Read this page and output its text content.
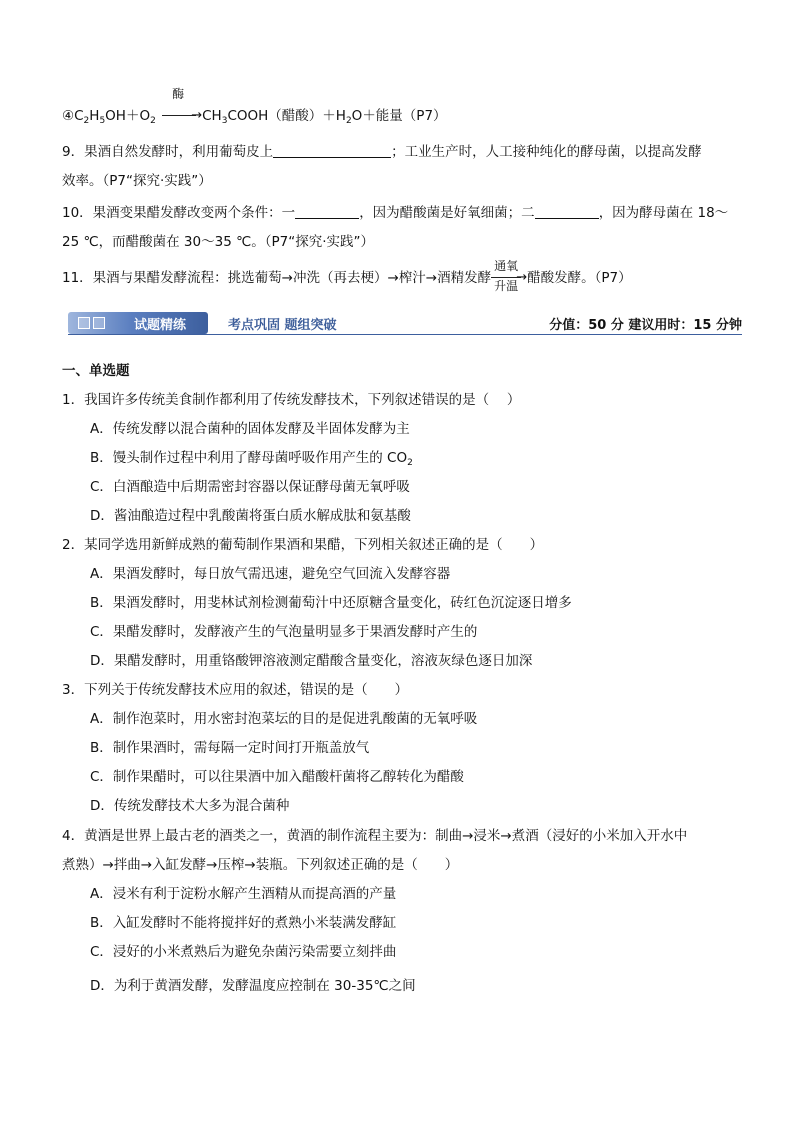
$④C_2H_5OH+O_2$
酶
→ $CH_3COOH$（醋酸）$+H_2O+$能量（P7）
9．果酒自然发酵时，利用葡萄皮上	；工业生产时，人工接种纯化的酵母菌，以提高发酵
效率。（P7“探究·实践”）
10．果酒变果醋发酵改变两个条件：一	，因为醋酸菌是好氧细菌；二	，因为酵母菌在 18～
25 ℃，而醋酸菌在 30～35 ℃。（P7“探究·实践”）
11．果酒与果醋发酵流程：挑选葡萄→冲洗（再去梗）→榨汁→酒精发酵
通氧
升温
→ 醋酸发酵。（P7）
试题精练	考点巩固 题组突破	分值：50 分 建议用时：15 分钟
一、单选题
1．我国许多传统美食制作都利用了传统发酵技术，下列叙述错误的是（　 ）
A．传统发酵以混合菌种的固体发酵及半固体发酵为主
B．馒头制作过程中利用了酵母菌呼吸作用产生的 $CO_2$
C．白酒酿造中后期需密封容器以保证酵母菌无氧呼吸
D．酱油酿造过程中乳酸菌将蛋白质水解成肽和氨基酸
2．某同学选用新鲜成熟的葡萄制作果酒和果醋，下列相关叙述正确的是（　　）
A．果酒发酵时，每日放气需迅速，避免空气回流入发酵容器
B．果酒发酵时，用斐林试剂检测葡萄汁中还原糖含量变化，砖红色沉淀逐日增多
C．果醋发酵时，发酵液产生的气泡量明显多于果酒发酵时产生的
D．果醋发酵时，用重铬酸钾溶液测定醋酸含量变化，溶液灰绿色逐日加深
3．下列关于传统发酵技术应用的叙述，错误的是（　　）
A．制作泡菜时，用水密封泡菜坛的目的是促进乳酸菌的无氧呼吸
B．制作果酒时，需每隔一定时间打开瓶盖放气
C．制作果醋时，可以往果酒中加入醋酸杆菌将乙醇转化为醋酸
D．传统发酵技术大多为混合菌种
4．黄酒是世界上最古老的酒类之一，黄酒的制作流程主要为：制曲→浸米→煮酒（浸好的小米加入开水中
煮熟）→拌曲→入缸发酵→压榨→装瓶。下列叙述正确的是（　　）
A．浸米有利于淀粉水解产生酒精从而提高酒的产量
B．入缸发酵时不能将搅拌好的煮熟小米装满发酵缸
C．浸好的小米煮熟后为避免杂菌污染需要立刻拌曲
D．为利于黄酒发酵，发酵温度应控制在 30-35℃之间
